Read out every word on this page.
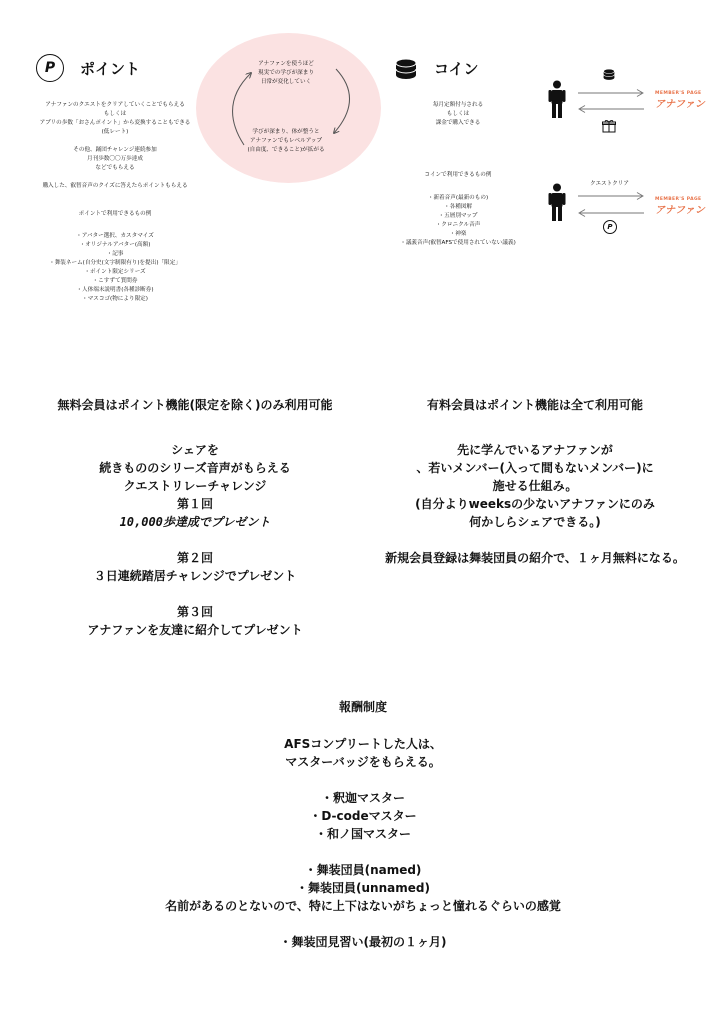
P ポイント
アナファンのクエストをクリアしていくことでもらえる
もしくは
アプリの歩数「おさんポイント」から変換することもできる
(低レート)
その他、踊団チャレンジ連続参加
月刊歩数〇〇万歩達成
などでもらえる
購入した、叡智音声のクイズに答えたらポイントもらえる
ポイントで利用できるもの例
・アバター選択、カスタマイズ
・オリジナルアバター(高額)
・記事
・舞装ネーム(自分史(文字制限有り)を提出)「限定」
・ポイント限定シリーズ
・こすずて質問券
・人体端末説明書(各種診断券)
・マスコゴ(物により限定)
アナファンを使うほど
現実での学びが深まり
日常が変化していく
学びが深まり、体が整うと
アナファンでもレベルアップ
(自由度、できること)が拡がる
コイン
毎月定額付与される
もしくは
課金で購入できる
コインで利用できるもの例
・新着音声(最新のもの)
・各種図解
・五層別マップ
・クロニクル音声
・神楽
・議義音声(叡智AFSで使用されていない議義)
MEMBER'S PAGE
アナファン
クエストクリア
P
MEMBER'S PAGE
アナファン
無料会員はポイント機能(限定を除く)のみ利用可能	有料会員はポイント機能は全て利用可能
シェアを
続きもののシリーズ音声がもらえる
クエストリレーチャレンジ
第１回
10,000歩達成でプレゼント
第２回
３日連続踏居チャレンジでプレゼント
第３回
アナファンを友達に紹介してプレゼント
先に学んでいるアナファンが
、若いメンバー(入って間もないメンバー)に
施せる仕組み。
(自分よりweeksの少ないアナファンにのみ
何かしらシェアできる。)
新規会員登録は舞装団員の紹介で、１ヶ月無料になる。
報酬制度
AFSコンプリートした人は、
マスターバッジをもらえる。
・釈迦マスター
・D-codeマスター
・和ノ国マスター
・舞装団員(named)
・舞装団員(unnamed)
名前があるのとないので、特に上下はないがちょっと憧れるぐらいの感覚
・舞装団見習い(最初の１ヶ月)
